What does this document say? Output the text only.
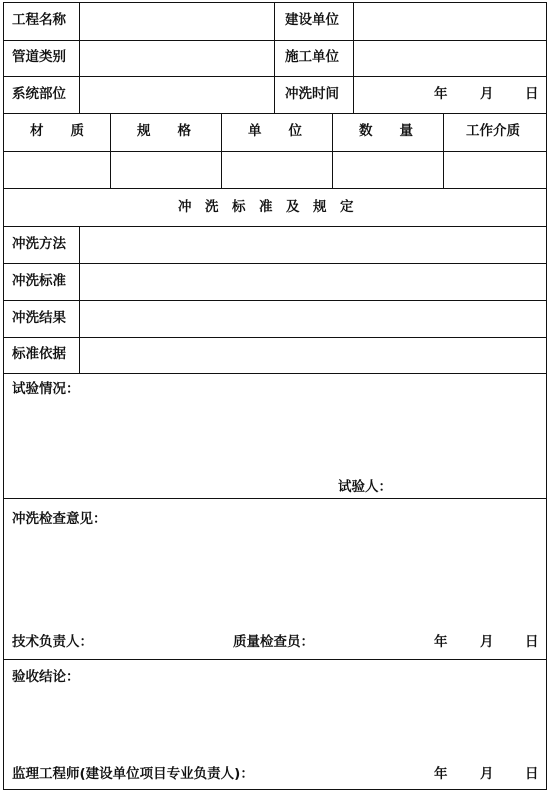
工程名称	建设单位
管道类别	施工单位
系统部位	冲洗时间	年 月 日
材　　质	规　　格	单　　位	数　　量	工作介质
冲　洗　标　准　及　规　定
冲洗方法
冲洗标准
冲洗结果
标准依据
试验情况：
试验人：
冲洗检查意见：
技术负责人：	质量检查员：	年 月 日
验收结论：
监理工程师(建设单位项目专业负责人)：	年 月 日
